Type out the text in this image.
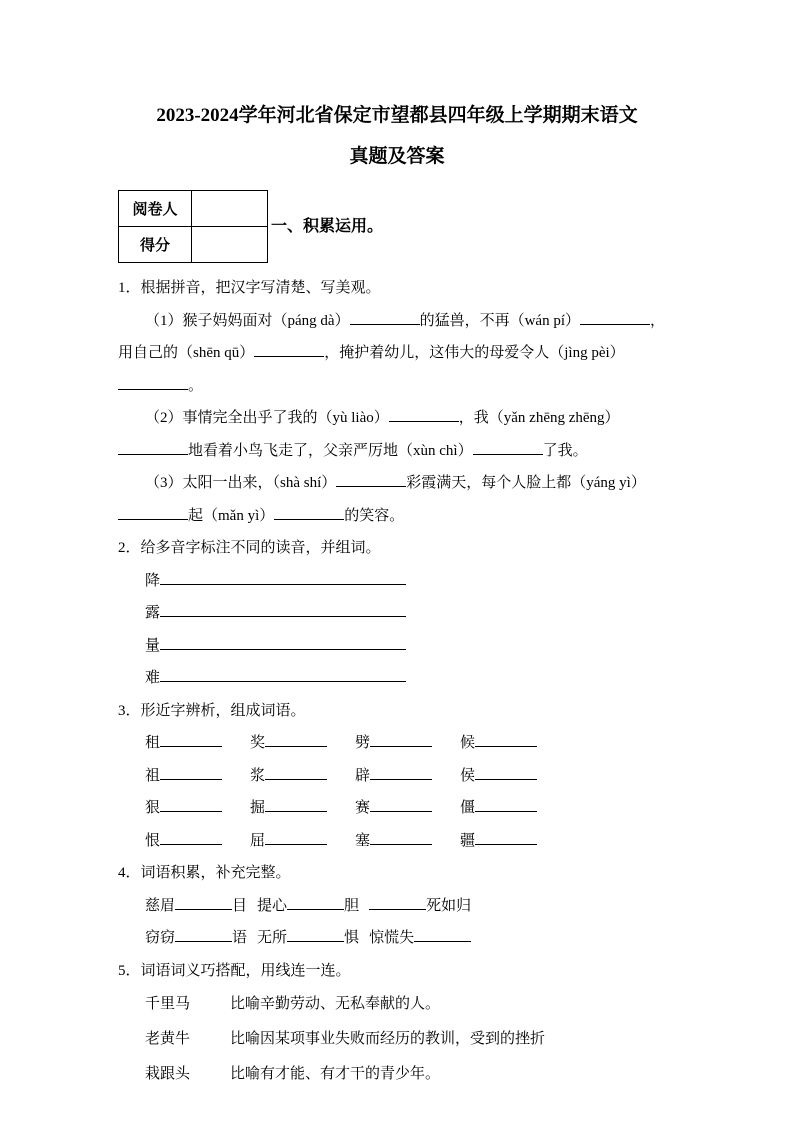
2023-2024学年河北省保定市望都县四年级上学期期末语文
真题及答案
阅卷人	
得分	
一、积累运用。

1．根据拼音，把汉字写清楚、写美观。

（1）猴子妈妈面对（páng dà）	的猛兽，不再（wán pí）	，用自己的（shēn qū）	，掩护着幼儿，这伟大的母爱令人（jìng pèi）。

（2）事情完全出乎了我的（yù liào）	，我（yǎn zhēng zhēng）地看着小鸟飞走了，父亲严厉地（xùn chì）	了我。

（3）太阳一出来，（shà shí）	彩霞满天，每个人脸上都（yáng yì）起（mǎn yì）	的笑容。

2．给多音字标注不同的读音，并组词。

降

露

量

难

3．形近字辨析，组成词语。

租	奖	劈	候
祖	浆	辟	侯
狠	掘	赛	僵
恨	屈	塞	疆

4．词语积累，补充完整。

慈眉	目 提心	胆	死如归

窃窃	语 无所	惧 惊慌失

5．词语词义巧搭配，用线连一连。

千里马	比喻辛勤劳动、无私奉献的人。
老黄牛	比喻因某项事业失败而经历的教训，受到的挫折
栽跟头	比喻有才能、有才干的青少年。
